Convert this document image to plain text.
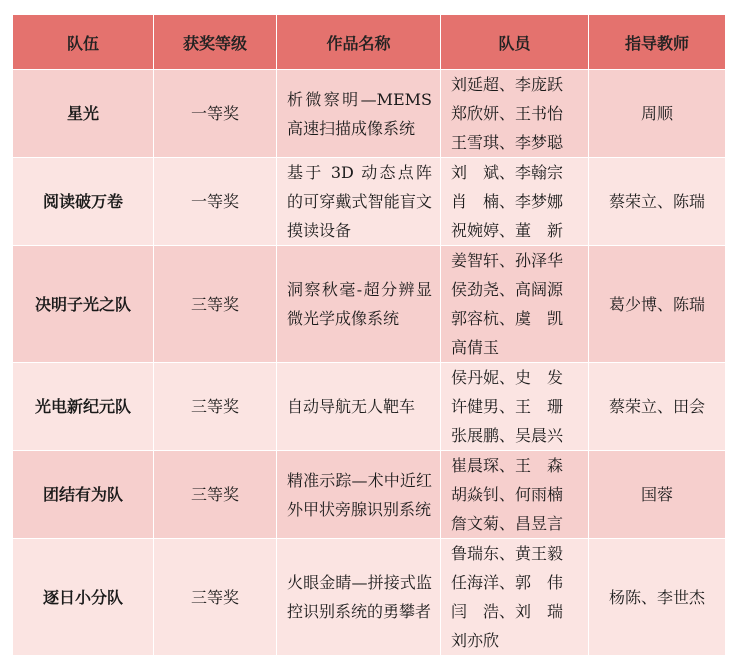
队伍	获奖等级	作品名称	队员	指导教师
星光	一等奖	析微察明—MEMS高速扫描成像系统	刘延超、李庞跃
郑欣妍、王书怡
王雪琪、李梦聪	周顺
阅读破万卷	一等奖	基于 3D 动态点阵的可穿戴式智能盲文摸读设备	刘　斌、李翰宗
肖　楠、李梦娜
祝婉婷、董　新	蔡荣立、陈瑞
决明子光之队	三等奖	洞察秋毫-超分辨显微光学成像系统	姜智轩、孙泽华
侯劲尧、高阔源
郭容杭、虞　凯
高倩玉	葛少博、陈瑞
光电新纪元队	三等奖	自动导航无人靶车	侯丹妮、史　发
许健男、王　珊
张展鹏、吴晨兴	蔡荣立、田会
团结有为队	三等奖	精准示踪—术中近红外甲状旁腺识别系统	崔晨琛、王　森
胡焱钊、何雨楠
詹文菊、昌昱言	国蓉
逐日小分队	三等奖	火眼金睛—拼接式监控识别系统的勇攀者	鲁瑞东、黄王毅
任海洋、郭　伟
闫　浩、刘　瑞
刘亦欣	杨陈、李世杰
